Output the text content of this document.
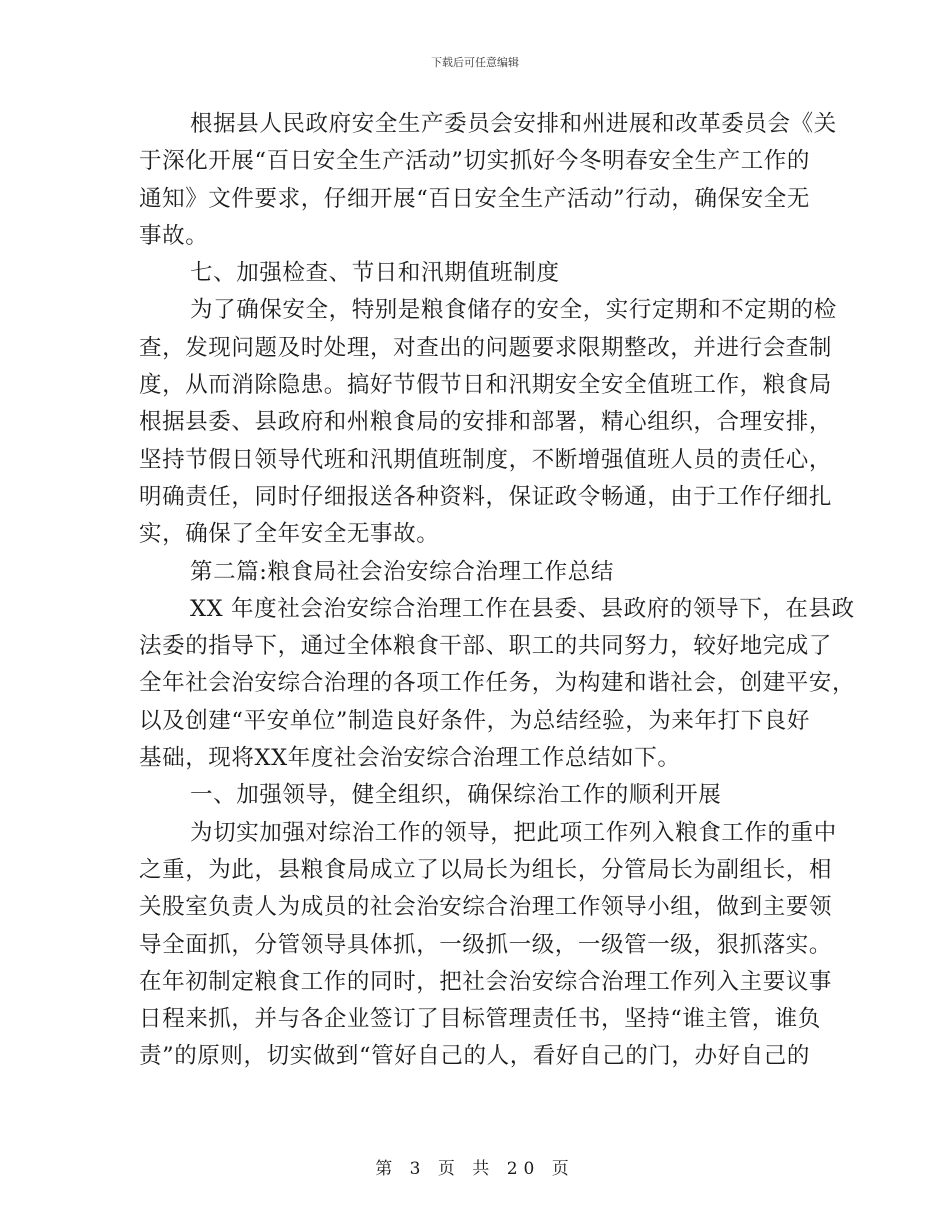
下载后可任意编辑
根据县人民政府安全生产委员会安排和州进展和改革委员会《关
于深化开展“百日安全生产活动”切实抓好今冬明春安全生产工作的
通知》文件要求，仔细开展“百日安全生产活动”行动，确保安全无
事故。
七、加强检查、节日和汛期值班制度
为了确保安全，特别是粮食储存的安全，实行定期和不定期的检
查，发现问题及时处理，对查出的问题要求限期整改，并进行会查制
度，从而消除隐患。搞好节假节日和汛期安全安全值班工作，粮食局
根据县委、县政府和州粮食局的安排和部署，精心组织，合理安排，
坚持节假日领导代班和汛期值班制度，不断增强值班人员的责任心，
明确责任，同时仔细报送各种资料，保证政令畅通，由于工作仔细扎
实，确保了全年安全无事故。
第二篇:粮食局社会治安综合治理工作总结
XX 年度社会治安综合治理工作在县委、县政府的领导下，在县政
法委的指导下，通过全体粮食干部、职工的共同努力，较好地完成了
全年社会治安综合治理的各项工作任务，为构建和谐社会，创建平安，
以及创建“平安单位”制造良好条件，为总结经验，为来年打下良好
基础，现将XX年度社会治安综合治理工作总结如下。
一、加强领导，健全组织，确保综治工作的顺利开展
为切实加强对综治工作的领导，把此项工作列入粮食工作的重中
之重，为此，县粮食局成立了以局长为组长，分管局长为副组长，相
关股室负责人为成员的社会治安综合治理工作领导小组，做到主要领
导全面抓，分管领导具体抓，一级抓一级，一级管一级，狠抓落实。
在年初制定粮食工作的同时，把社会治安综合治理工作列入主要议事
日程来抓，并与各企业签订了目标管理责任书，坚持“谁主管，谁负
责”的原则，切实做到“管好自己的人，看好自己的门，办好自己的
第 3 页 共 20 页
